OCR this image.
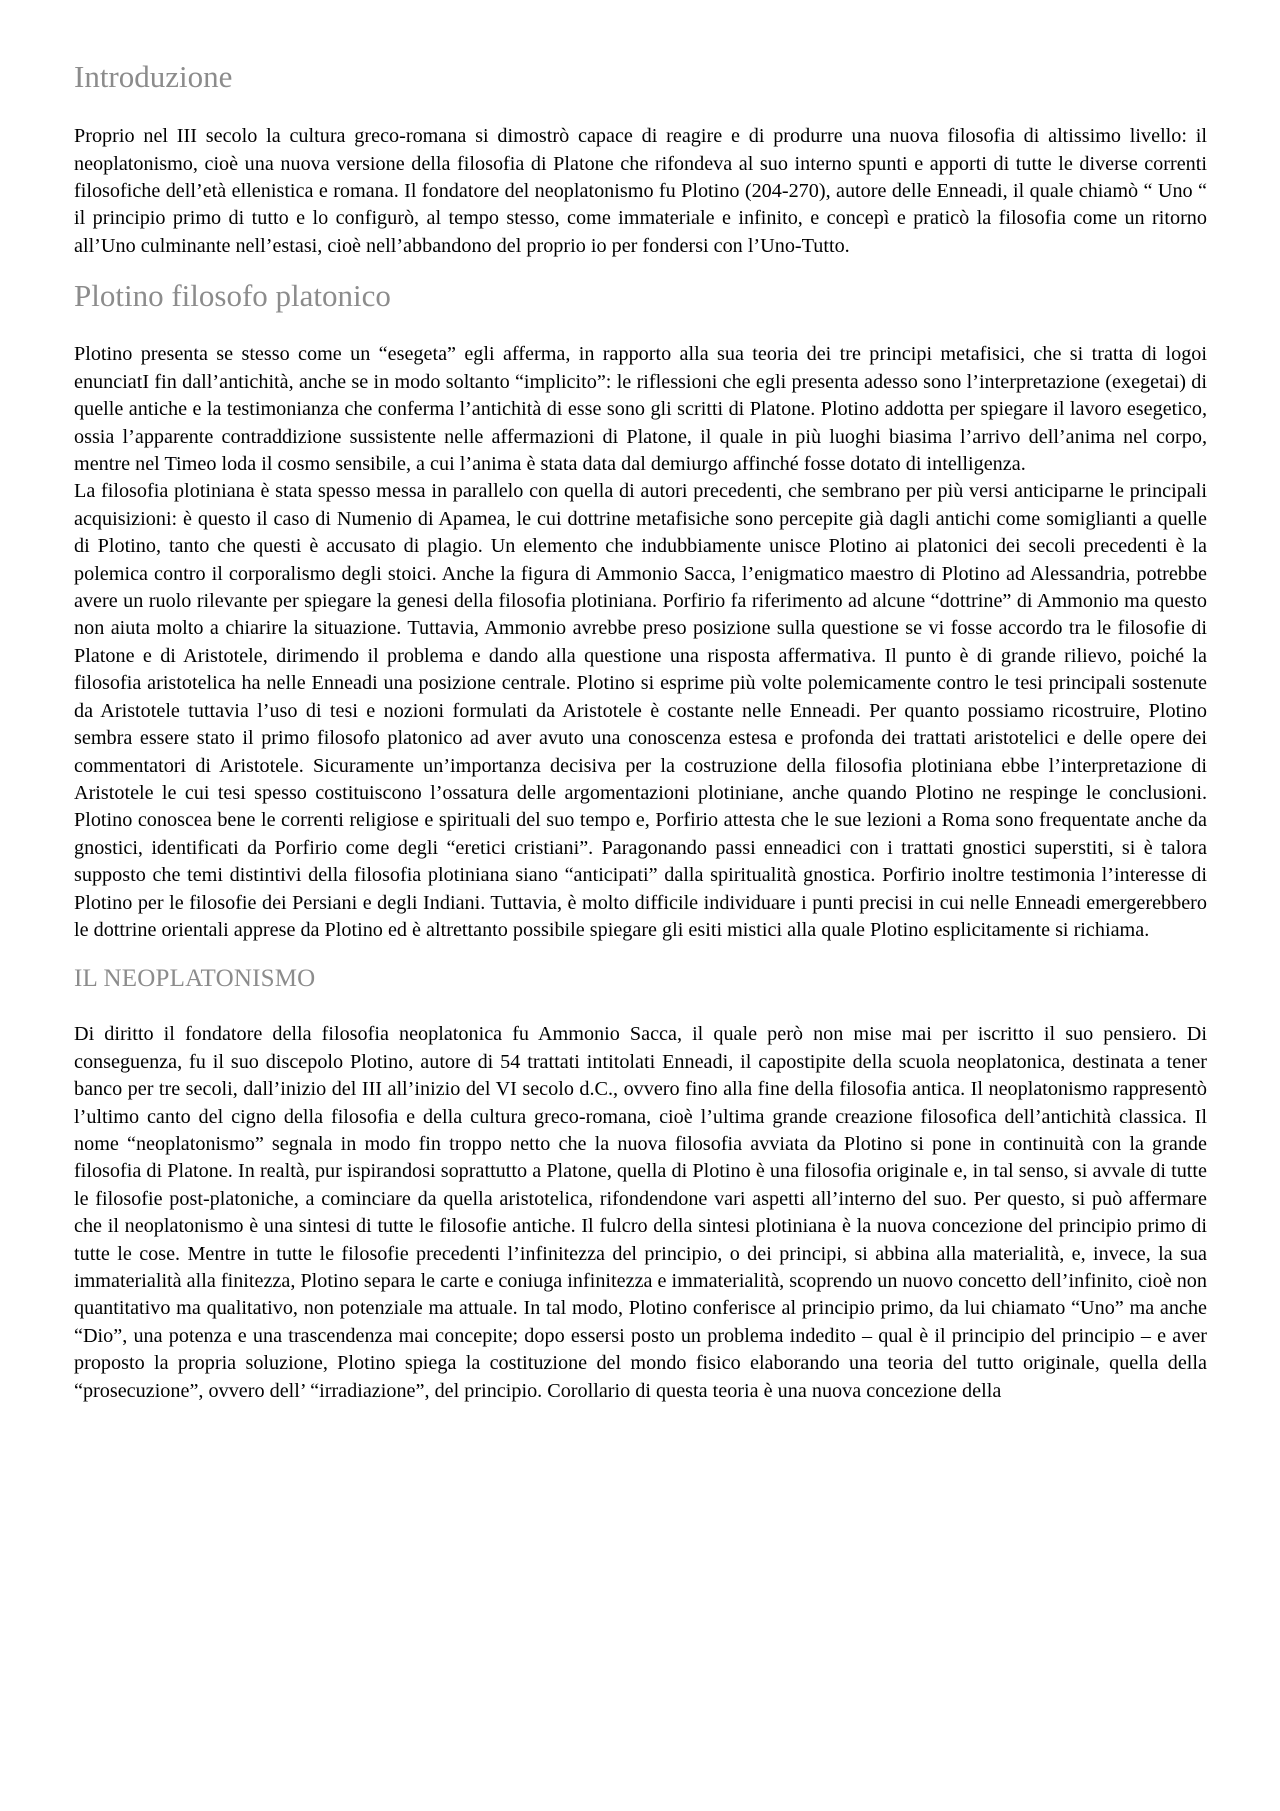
Introduzione

Proprio nel III secolo la cultura greco-romana si dimostrò capace di reagire e di produrre una nuova filosofia di altissimo livello: il neoplatonismo, cioè una nuova versione della filosofia di Platone che rifondeva al suo interno spunti e apporti di tutte le diverse correnti filosofiche dell’età ellenistica e romana. Il fondatore del neoplatonismo fu Plotino (204-270), autore delle Enneadi, il quale chiamò “ Uno “ il principio primo di tutto e lo configurò, al tempo stesso, come immateriale e infinito, e concepì e praticò la filosofia come un ritorno all’Uno culminante nell’estasi, cioè nell’abbandono del proprio io per fondersi con l’Uno-Tutto.

Plotino filosofo platonico

Plotino presenta se stesso come un “esegeta” egli afferma, in rapporto alla sua teoria dei tre principi metafisici, che si tratta di logoi enunciatI fin dall’antichità, anche se in modo soltanto “implicito”: le riflessioni che egli presenta adesso sono l’interpretazione (exegetai) di quelle antiche e la testimonianza che conferma l’antichità di esse sono gli scritti di Platone. Plotino addotta per spiegare il lavoro esegetico, ossia l’apparente contraddizione sussistente nelle affermazioni di Platone, il quale in più luoghi biasima l’arrivo dell’anima nel corpo, mentre nel Timeo loda il cosmo sensibile, a cui l’anima è stata data dal demiurgo affinché fosse dotato di intelligenza.

La filosofia plotiniana è stata spesso messa in parallelo con quella di autori precedenti, che sembrano per più versi anticiparne le principali acquisizioni: è questo il caso di Numenio di Apamea, le cui dottrine metafisiche sono percepite già dagli antichi come somiglianti a quelle di Plotino, tanto che questi è accusato di plagio. Un elemento che indubbiamente unisce Plotino ai platonici dei secoli precedenti è la polemica contro il corporalismo degli stoici. Anche la figura di Ammonio Sacca, l’enigmatico maestro di Plotino ad Alessandria, potrebbe avere un ruolo rilevante per spiegare la genesi della filosofia plotiniana. Porfirio fa riferimento ad alcune “dottrine” di Ammonio ma questo non aiuta molto a chiarire la situazione. Tuttavia, Ammonio avrebbe preso posizione sulla questione se vi fosse accordo tra le filosofie di Platone e di Aristotele, dirimendo il problema e dando alla questione una risposta affermativa. Il punto è di grande rilievo, poiché la filosofia aristotelica ha nelle Enneadi una posizione centrale. Plotino si esprime più volte polemicamente contro le tesi principali sostenute da Aristotele tuttavia l’uso di tesi e nozioni formulati da Aristotele è costante nelle Enneadi. Per quanto possiamo ricostruire, Plotino sembra essere stato il primo filosofo platonico ad aver avuto una conoscenza estesa e profonda dei trattati aristotelici e delle opere dei commentatori di Aristotele. Sicuramente un’importanza decisiva per la costruzione della filosofia plotiniana ebbe l’interpretazione di Aristotele le cui tesi spesso costituiscono l’ossatura delle argomentazioni plotiniane, anche quando Plotino ne respinge le conclusioni. Plotino conoscea bene le correnti religiose e spirituali del suo tempo e, Porfirio attesta che le sue lezioni a Roma sono frequentate anche da gnostici, identificati da Porfirio come degli “eretici cristiani”. Paragonando passi enneadici con i trattati gnostici superstiti, si è talora supposto che temi distintivi della filosofia plotiniana siano “anticipati” dalla spiritualità gnostica. Porfirio inoltre testimonia l’interesse di Plotino per le filosofie dei Persiani e degli Indiani. Tuttavia, è molto difficile individuare i punti precisi in cui nelle Enneadi emergerebbero le dottrine orientali apprese da Plotino ed è altrettanto possibile spiegare gli esiti mistici alla quale Plotino esplicitamente si richiama.

IL NEOPLATONISMO

Di diritto il fondatore della filosofia neoplatonica fu Ammonio Sacca, il quale però non mise mai per iscritto il suo pensiero. Di conseguenza, fu il suo discepolo Plotino, autore di 54 trattati intitolati Enneadi, il capostipite della scuola neoplatonica, destinata a tener banco per tre secoli, dall’inizio del III all’inizio del VI secolo d.C., ovvero fino alla fine della filosofia antica. Il neoplatonismo rappresentò l’ultimo canto del cigno della filosofia e della cultura greco-romana, cioè l’ultima grande creazione filosofica dell’antichità classica. Il nome “neoplatonismo” segnala in modo fin troppo netto che la nuova filosofia avviata da Plotino si pone in continuità con la grande filosofia di Platone. In realtà, pur ispirandosi soprattutto a Platone, quella di Plotino è una filosofia originale e, in tal senso, si avvale di tutte le filosofie post-platoniche, a cominciare da quella aristotelica, rifondendone vari aspetti all’interno del suo. Per questo, si può affermare che il neoplatonismo è una sintesi di tutte le filosofie antiche. Il fulcro della sintesi plotiniana è la nuova concezione del principio primo di tutte le cose. Mentre in tutte le filosofie precedenti l’infinitezza del principio, o dei principi, si abbina alla materialità, e, invece, la sua immaterialità alla finitezza, Plotino separa le carte e coniuga infinitezza e immaterialità, scoprendo un nuovo concetto dell’infinito, cioè non quantitativo ma qualitativo, non potenziale ma attuale. In tal modo, Plotino conferisce al principio primo, da lui chiamato “Uno” ma anche “Dio”, una potenza e una trascendenza mai concepite; dopo essersi posto un problema indedito – qual è il principio del principio – e aver proposto la propria soluzione, Plotino spiega la costituzione del mondo fisico elaborando una teoria del tutto originale, quella della “prosecuzione”, ovvero dell’ “irradiazione”, del principio. Corollario di questa teoria è una nuova concezione della
